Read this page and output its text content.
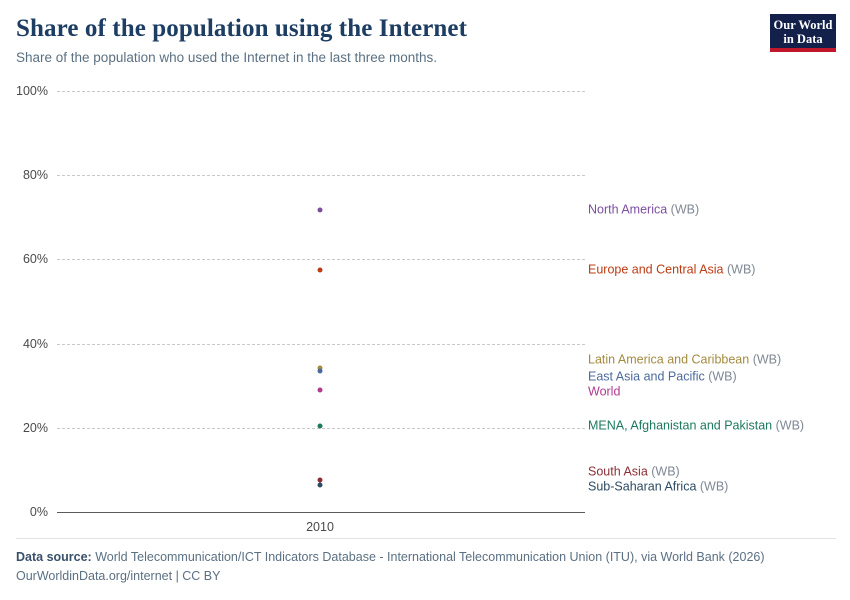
Share of the population using the Internet

Share of the population who used the Internet in the last three months.

Our World
in Data
0%
20%
40%
60%
80%
100%
2010
North America (WB)
Europe and Central Asia (WB)
Latin America and Caribbean (WB)
East Asia and Pacific (WB)
World
MENA, Afghanistan and Pakistan (WB)
South Asia (WB)
Sub-Saharan Africa (WB)
Data source: World Telecommunication/ICT Indicators Database - International Telecommunication Union (ITU), via World Bank (2026)
OurWorldinData.org/internet | CC BY
